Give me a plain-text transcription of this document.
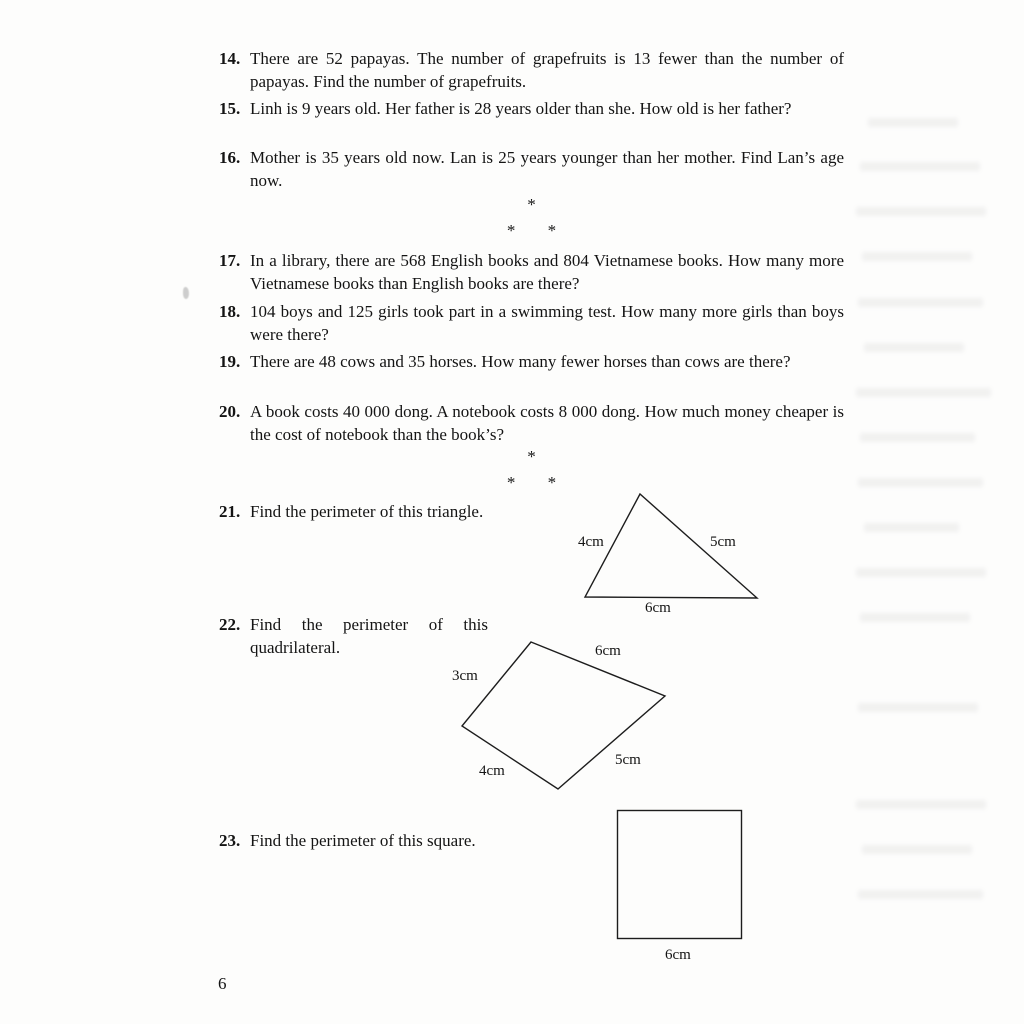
14. There are 52 papayas. The number of grapefruits is 13 fewer than the number of papayas. Find the number of grapefruits.
15. Linh is 9 years old. Her father is 28 years older than she. How old is her father?
16. Mother is 35 years old now. Lan is 25 years younger than her mother. Find Lan’s age now.
*
* *
17. In a library, there are 568 English books and 804 Vietnamese books. How many more Vietnamese books than English books are there?
18. 104 boys and 125 girls took part in a swimming test. How many more girls than boys were there?
19. There are 48 cows and 35 horses. How many fewer horses than cows are there?
20. A book costs 40 000 dong. A notebook costs 8 000 dong. How much money cheaper is the cost of notebook than the book’s?
*
* *
21. Find the perimeter of this triangle.
4cm	5cm
6cm
22. Find the perimeter of this quadrilateral.	6cm
3cm
5cm
4cm
23. Find the perimeter of this square.
6cm
6
